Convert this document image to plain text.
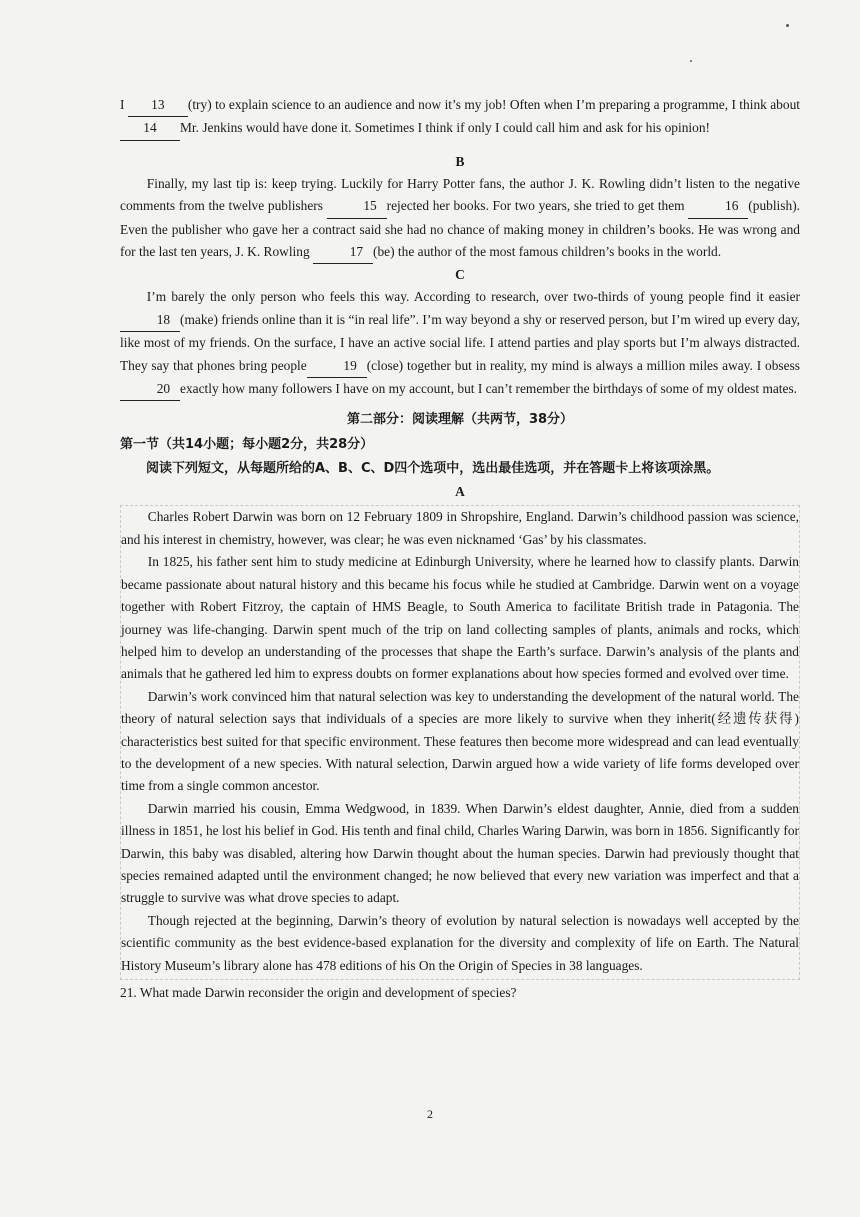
I 13 (try) to explain science to an audience and now it’s my job! Often when I’m preparing a programme, I think about 14 Mr. Jenkins would have done it. Sometimes I think if only I could call him and ask for his opinion!

B

Finally, my last tip is: keep trying. Luckily for Harry Potter fans, the author J. K. Rowling didn’t listen to the negative comments from the twelve publishers	15 rejected her books. For two years, she tried to get them	16 (publish). Even the publisher who gave her a contract said she had no chance of making money in children’s books. He was wrong and for the last ten years, J. K. Rowling	17 (be) the author of the most famous children’s books in the world.

C

I’m barely the only person who feels this way. According to research, over two-thirds of young people find it easier18 (make) friends online than it is “in real life”. I’m way beyond a shy or reserved person, but I’m wired up every day, like most of my friends. On the surface, I have an active social life. I attend parties and play sports but I’m always distracted. They say that phones bring people	19 (close) together but in reality, my mind is always a million miles away. I obsess20 exactly how many followers I have on my account, but I can’t remember the birthdays of some of my oldest mates.

第二部分：阅读理解（共两节，38分）
第一节（共14小题；每小题2分，共28分）
阅读下列短文，从每题所给的A、B、C、D四个选项中，选出最佳选项，并在答题卡上将该项涂黑。
A

Charles Robert Darwin was born on 12 February 1809 in Shropshire, England. Darwin’s childhood passion was science, and his interest in chemistry, however, was clear; he was even nicknamed ‘Gas’ by his classmates.

In 1825, his father sent him to study medicine at Edinburgh University, where he learned how to classify plants. Darwin became passionate about natural history and this became his focus while he studied at Cambridge. Darwin went on a voyage together with Robert Fitzroy, the captain of HMS Beagle, to South America to facilitate British trade in Patagonia. The journey was life-changing. Darwin spent much of the trip on land collecting samples of plants, animals and rocks, which helped him to develop an understanding of the processes that shape the Earth’s surface. Darwin’s analysis of the plants and animals that he gathered led him to express doubts on former explanations about how species formed and evolved over time.

Darwin’s work convinced him that natural selection was key to understanding the development of the natural world. The theory of natural selection says that individuals of a species are more likely to survive when they inherit(经遗传获得) characteristics best suited for that specific environment. These features then become more widespread and can lead eventually to the development of a new species. With natural selection, Darwin argued how a wide variety of life forms developed over time from a single common ancestor.

Darwin married his cousin, Emma Wedgwood, in 1839. When Darwin’s eldest daughter, Annie, died from a sudden illness in 1851, he lost his belief in God. His tenth and final child, Charles Waring Darwin, was born in 1856. Significantly for Darwin, this baby was disabled, altering how Darwin thought about the human species. Darwin had previously thought that species remained adapted until the environment changed; he now believed that every new variation was imperfect and that a struggle to survive was what drove species to adapt.

Though rejected at the beginning, Darwin’s theory of evolution by natural selection is nowadays well accepted by the scientific community as the best evidence-based explanation for the diversity and complexity of life on Earth. The Natural History Museum’s library alone has 478 editions of his On the Origin of Species in 38 languages.

21. What made Darwin reconsider the origin and development of species?

2
